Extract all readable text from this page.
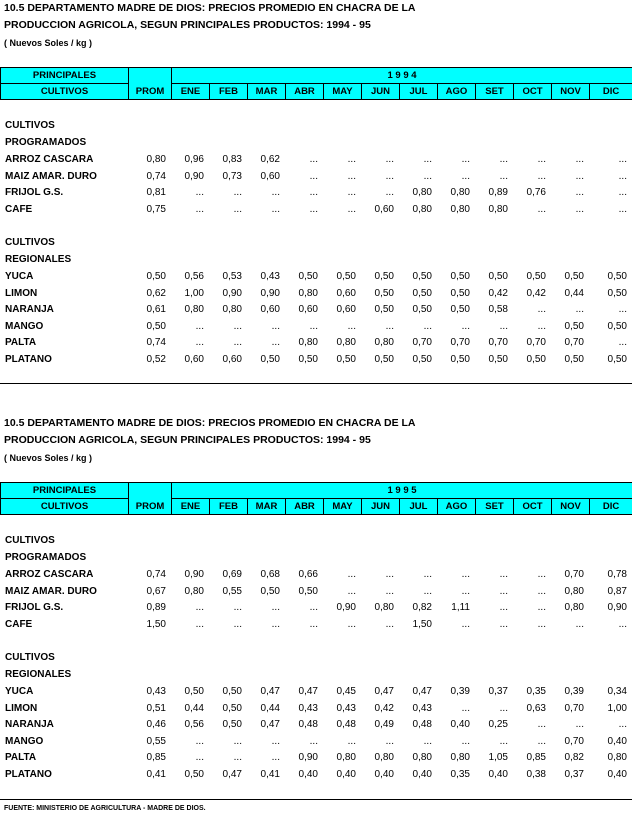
10.5 DEPARTAMENTO MADRE DE DIOS: PRECIOS PROMEDIO EN CHACRA DE LA
PRODUCCION AGRICOLA, SEGUN PRINCIPALES PRODUCTOS: 1994 - 95
( Nuevos Soles / kg )
PRINCIPALES		1 9 9 4											
CULTIVOS	PROM	ENE	FEB	MAR	ABR	MAY	JUN	JUL	AGO	SET	OCT	NOV	DIC
CULTIVOS
PROGRAMADOS
ARROZ CASCARA	0,80	0,96	0,83	0,62	...	...	...	...	...	...	...	...	...
MAIZ AMAR. DURO	0,74	0,90	0,73	0,60	...	...	...	...	...	...	...	...	...
FRIJOL G.S.	0,81	...	...	...	...	...	...	0,80	0,80	0,89	0,76	...	...
CAFE	0,75	...	...	...	...	...	0,60	0,80	0,80	0,80	...	...	...
CULTIVOS
REGIONALES
YUCA	0,50	0,56	0,53	0,43	0,50	0,50	0,50	0,50	0,50	0,50	0,50	0,50	0,50
LIMON	0,62	1,00	0,90	0,90	0,80	0,60	0,50	0,50	0,50	0,42	0,42	0,44	0,50
NARANJA	0,61	0,80	0,80	0,60	0,60	0,60	0,50	0,50	0,50	0,58	...	...	...
MANGO	0,50	...	...	...	...	...	...	...	...	...	...	0,50	0,50
PALTA	0,74	...	...	...	0,80	0,80	0,80	0,70	0,70	0,70	0,70	0,70	...
PLATANO	0,52	0,60	0,60	0,50	0,50	0,50	0,50	0,50	0,50	0,50	0,50	0,50	0,50
10.5 DEPARTAMENTO MADRE DE DIOS: PRECIOS PROMEDIO EN CHACRA DE LA
PRODUCCION AGRICOLA, SEGUN PRINCIPALES PRODUCTOS: 1994 - 95
( Nuevos Soles / kg )
PRINCIPALES		1 9 9 5											
CULTIVOS	PROM	ENE	FEB	MAR	ABR	MAY	JUN	JUL	AGO	SET	OCT	NOV	DIC
CULTIVOS
PROGRAMADOS
ARROZ CASCARA	0,74	0,90	0,69	0,68	0,66	...	...	...	...	...	...	0,70	0,78
MAIZ AMAR. DURO	0,67	0,80	0,55	0,50	0,50	...	...	...	...	...	...	0,80	0,87
FRIJOL G.S.	0,89	...	...	...	...	0,90	0,80	0,82	1,11	...	...	0,80	0,90
CAFE	1,50	...	...	...	...	...	...	1,50	...	...	...	...	...
CULTIVOS
REGIONALES
YUCA	0,43	0,50	0,50	0,47	0,47	0,45	0,47	0,47	0,39	0,37	0,35	0,39	0,34
LIMON	0,51	0,44	0,50	0,44	0,43	0,43	0,42	0,43	...	...	0,63	0,70	1,00
NARANJA	0,46	0,56	0,50	0,47	0,48	0,48	0,49	0,48	0,40	0,25	...	...	...
MANGO	0,55	...	...	...	...	...	...	...	...	...	...	0,70	0,40
PALTA	0,85	...	...	...	0,90	0,80	0,80	0,80	0,80	1,05	0,85	0,82	0,80
PLATANO	0,41	0,50	0,47	0,41	0,40	0,40	0,40	0,40	0,35	0,40	0,38	0,37	0,40
FUENTE: MINISTERIO DE AGRICULTURA - MADRE DE DIOS.
